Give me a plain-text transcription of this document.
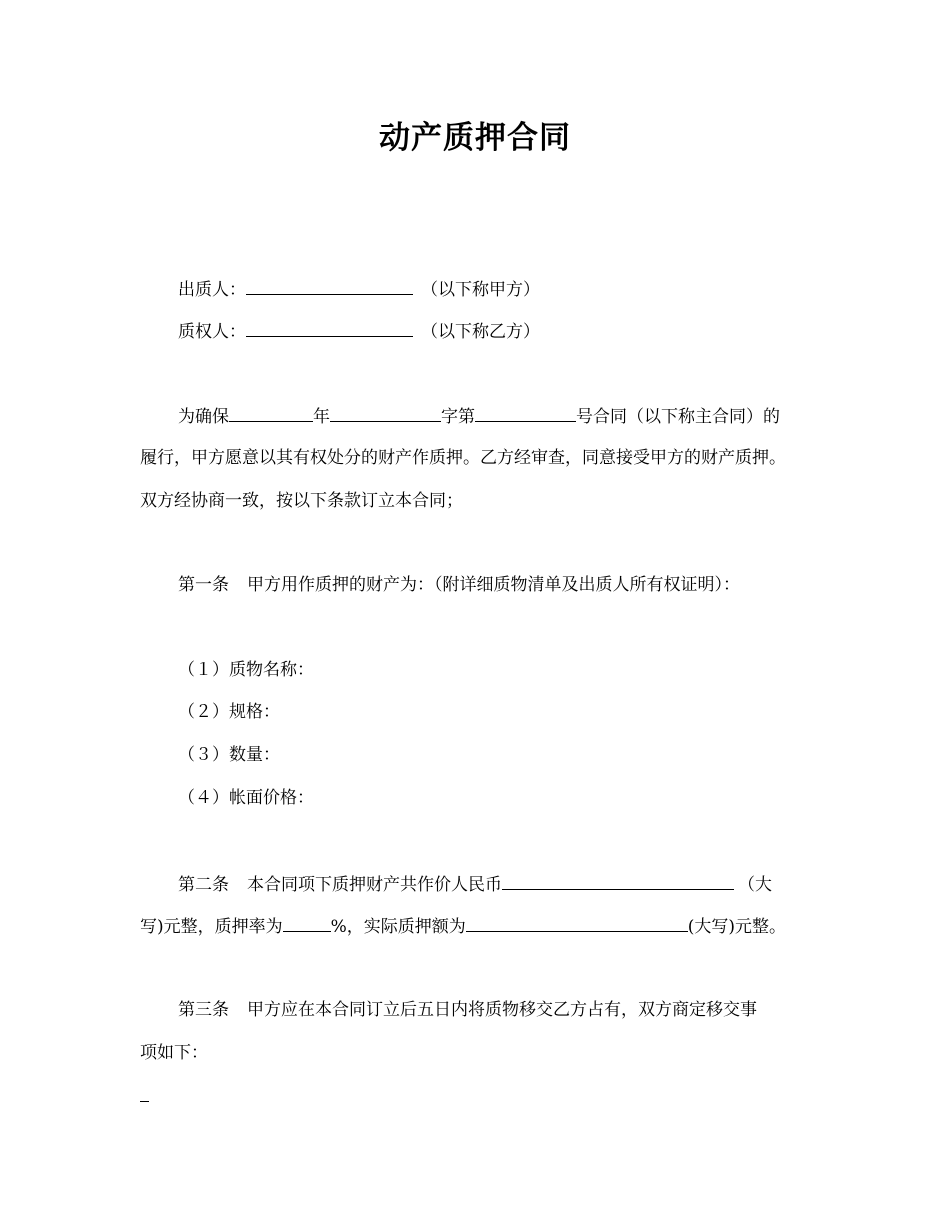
动产质押合同
出质人：	（以下称甲方）
质权人：	（以下称乙方）
为确保	年	字第	号合同（以下称主合同）的
履行，甲方愿意以其有权处分的财产作质押。乙方经审查，同意接受甲方的财产质押。
双方经协商一致，按以下条款订立本合同；
第一条 甲方用作质押的财产为：（附详细质物清单及出质人所有权证明）：
（１）质物名称：
（２）规格：
（３）数量：
（４）帐面价格：
第二条 本合同项下质押财产共作价人民币	（大
写)元整，质押率为	%，实际质押额为	(大写)元整。
第三条 甲方应在本合同订立后五日内将质物移交乙方占有，双方商定移交事
项如下：
